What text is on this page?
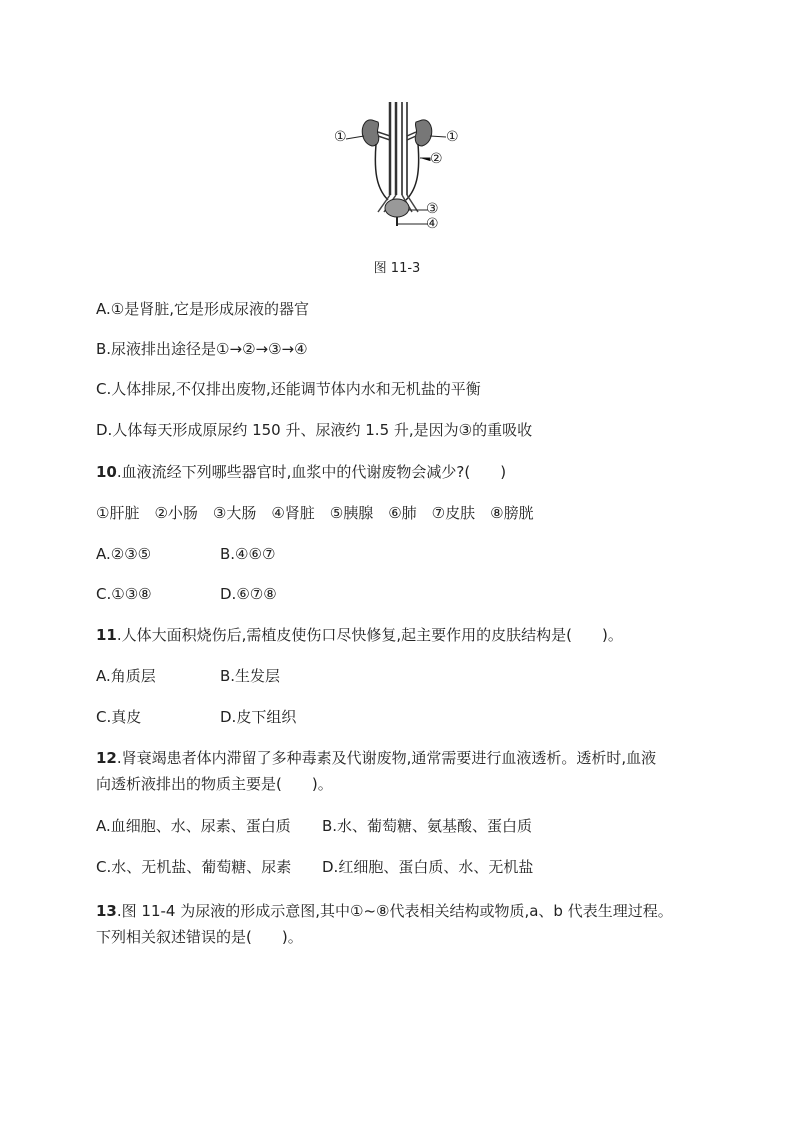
①	①
②
③
④
图 11-3
A.①是肾脏,它是形成尿液的器官
B.尿液排出途径是①→②→③→④
C.人体排尿,不仅排出废物,还能调节体内水和无机盐的平衡
D.人体每天形成原尿约 150 升、尿液约 1.5 升,是因为③的重吸收
10.血液流经下列哪些器官时,血浆中的代谢废物会减少?(　　)
①肝脏　②小肠　③大肠　④肾脏　⑤胰腺　⑥肺　⑦皮肤　⑧膀胱
A.②③⑤	B.④⑥⑦
C.①③⑧	D.⑥⑦⑧
11.人体大面积烧伤后,需植皮使伤口尽快修复,起主要作用的皮肤结构是(　　)。
A.角质层	B.生发层
C.真皮	D.皮下组织
12.肾衰竭患者体内滞留了多种毒素及代谢废物,通常需要进行血液透析。透析时,血液
向透析液排出的物质主要是(　　)。
A.血细胞、水、尿素、蛋白质 B.水、葡萄糖、氨基酸、蛋白质
C.水、无机盐、葡萄糖、尿素 D.红细胞、蛋白质、水、无机盐
13.图 11-4 为尿液的形成示意图,其中①~⑧代表相关结构或物质,a、b 代表生理过程。
下列相关叙述错误的是(　　)。
